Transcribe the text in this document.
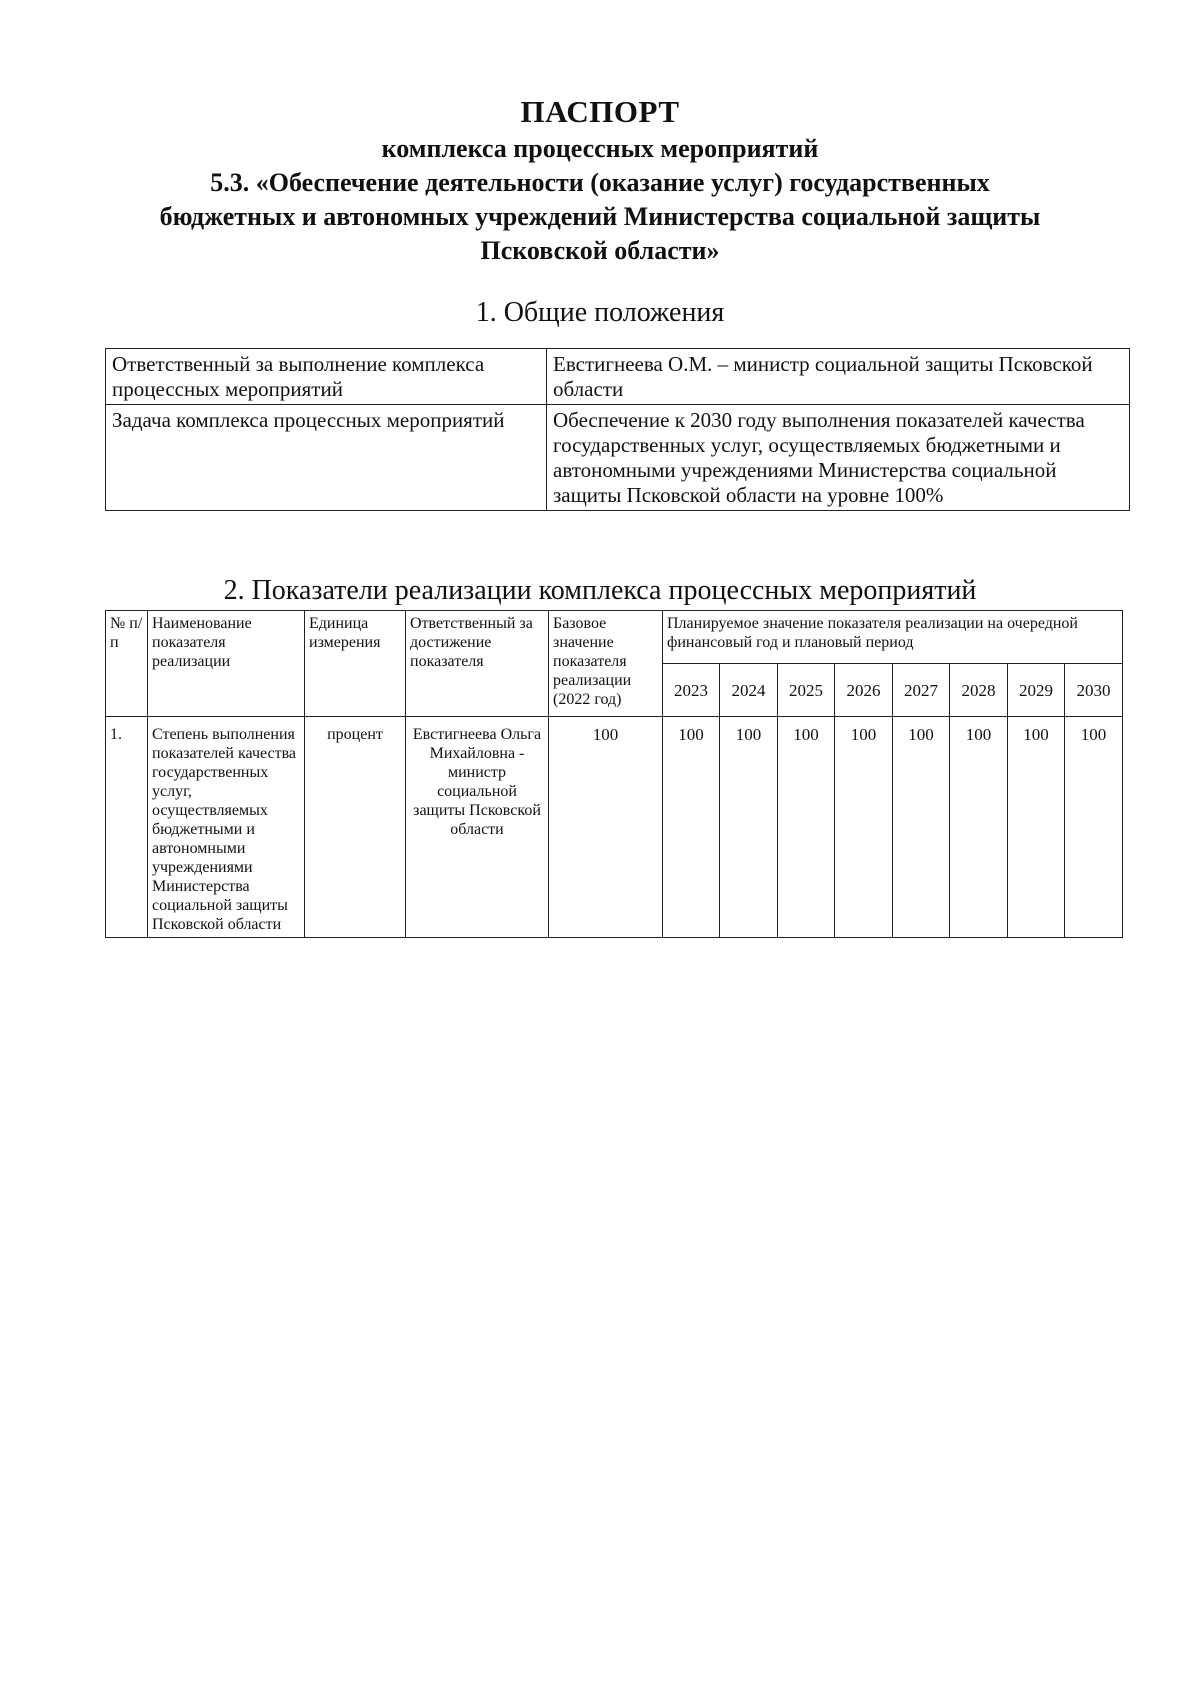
ПАСПОРТ
комплекса процессных мероприятий
5.3. «Обеспечение деятельности (оказание услуг) государственных
бюджетных и автономных учреждений Министерства социальной защиты
Псковской области»
1. Общие положения
Ответственный за выполнение комплекса процессных мероприятий	Евстигнеева О.М. – министр социальной защиты Псковской области
Задача комплекса процессных мероприятий	Обеспечение к 2030 году выполнения показателей качества государственных услуг, осуществляемых бюджетными и автономными учреждениями Министерства социальной защиты Псковской области на уровне 100%
2. Показатели реализации комплекса процессных мероприятий
№ п/п	Наименование показателя реализации	Единица измерения	Ответственный за достижение показателя	Базовое значение показателя реализации (2022 год)	Планируемое значение показателя реализации на очередной финансовый год и плановый период							
					2023	2024	2025	2026	2027	2028	2029	2030
1.	Степень выполнения показателей качества государственных услуг, осуществляемых бюджетными и автономными учреждениями Министерства социальной защиты Псковской области	процент	Евстигнеева Ольга Михайловна - министр социальной защиты Псковской области	100	100	100	100	100	100	100	100	100
